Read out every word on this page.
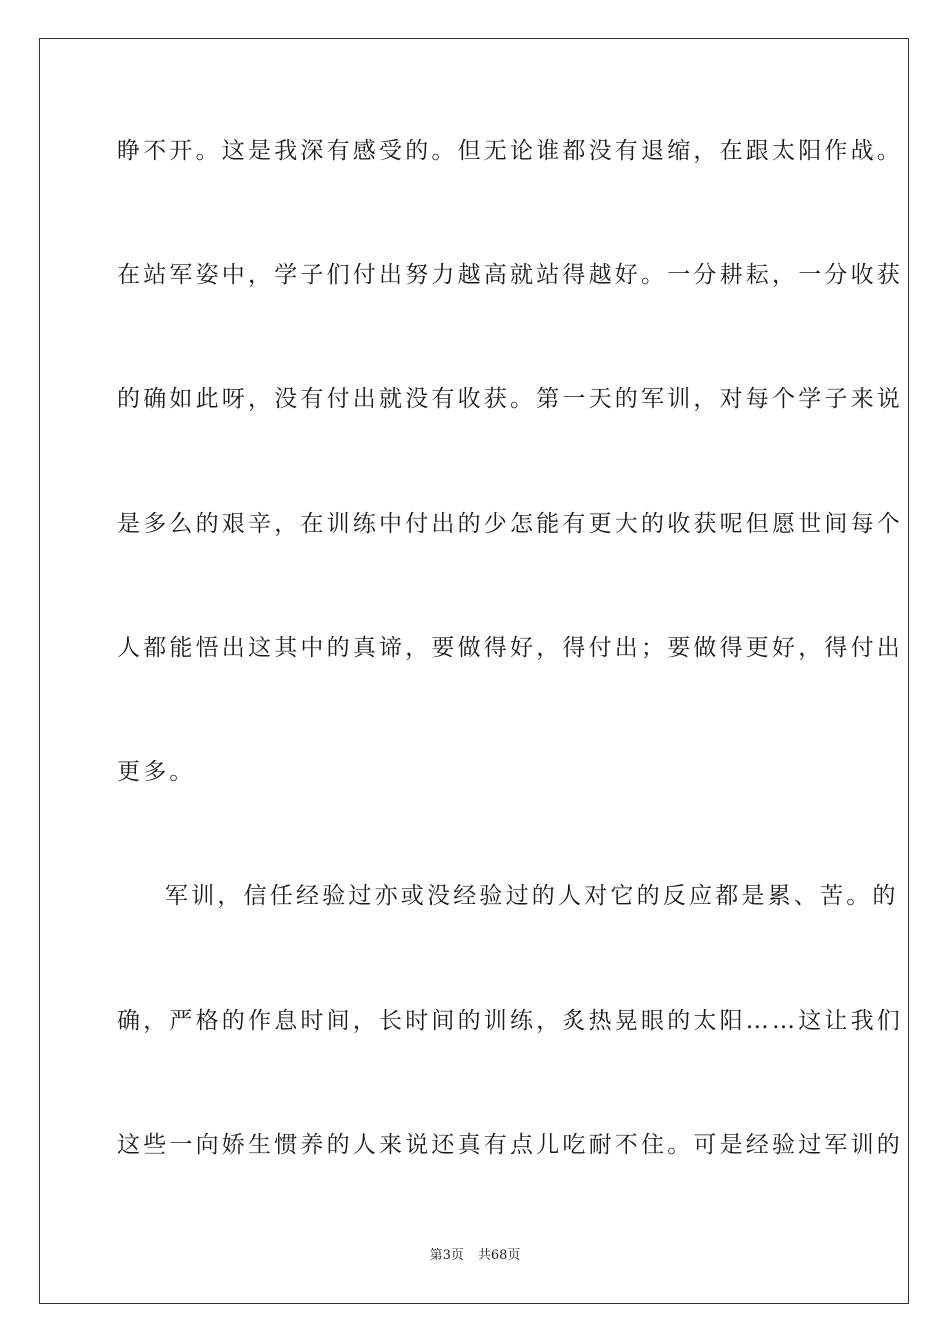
睁不开。这是我深有感受的。但无论谁都没有退缩，在跟太阳作战。
在站军姿中，学子们付出努力越高就站得越好。一分耕耘，一分收获
的确如此呀，没有付出就没有收获。第一天的军训，对每个学子来说
是多么的艰辛，在训练中付出的少怎能有更大的收获呢但愿世间每个
人都能悟出这其中的真谛，要做得好，得付出；要做得更好，得付出
更多。
军训，信任经验过亦或没经验过的人对它的反应都是累、苦。的
确，严格的作息时间，长时间的训练，炙热晃眼的太阳……这让我们
这些一向娇生惯养的人来说还真有点儿吃耐不住。可是经验过军训的
第3页 共68页
